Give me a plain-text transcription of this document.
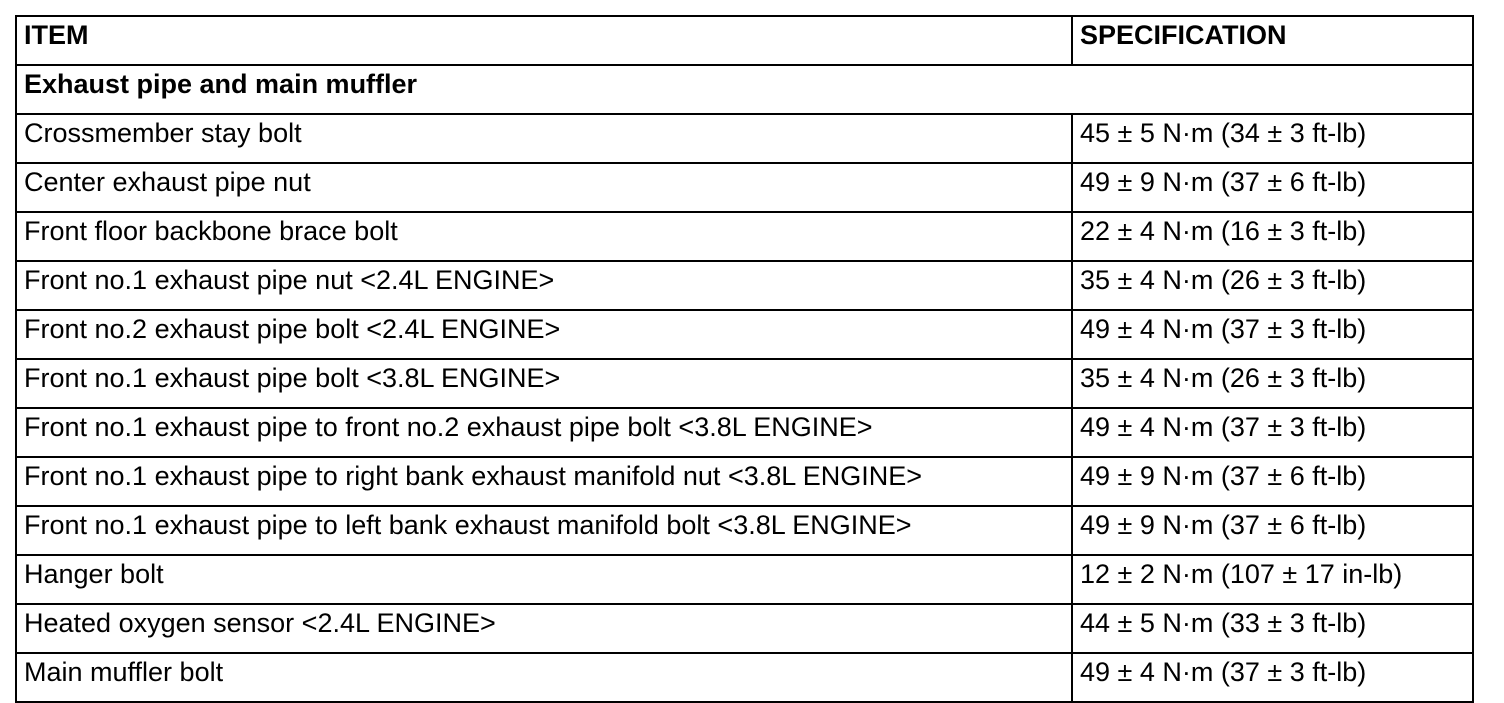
ITEM	SPECIFICATION
Exhaust pipe and main muffler	
Crossmember stay bolt	45 ± 5 N·m (34 ± 3 ft-lb)
Center exhaust pipe nut	49 ± 9 N·m (37 ± 6 ft-lb)
Front floor backbone brace bolt	22 ± 4 N·m (16 ± 3 ft-lb)
Front no.1 exhaust pipe nut <2.4L ENGINE>	35 ± 4 N·m (26 ± 3 ft-lb)
Front no.2 exhaust pipe bolt <2.4L ENGINE>	49 ± 4 N·m (37 ± 3 ft-lb)
Front no.1 exhaust pipe bolt <3.8L ENGINE>	35 ± 4 N·m (26 ± 3 ft-lb)
Front no.1 exhaust pipe to front no.2 exhaust pipe bolt <3.8L ENGINE>	49 ± 4 N·m (37 ± 3 ft-lb)
Front no.1 exhaust pipe to right bank exhaust manifold nut <3.8L ENGINE>	49 ± 9 N·m (37 ± 6 ft-lb)
Front no.1 exhaust pipe to left bank exhaust manifold bolt <3.8L ENGINE>	49 ± 9 N·m (37 ± 6 ft-lb)
Hanger bolt	12 ± 2 N·m (107 ± 17 in-lb)
Heated oxygen sensor <2.4L ENGINE>	44 ± 5 N·m (33 ± 3 ft-lb)
Main muffler bolt	49 ± 4 N·m (37 ± 3 ft-lb)
